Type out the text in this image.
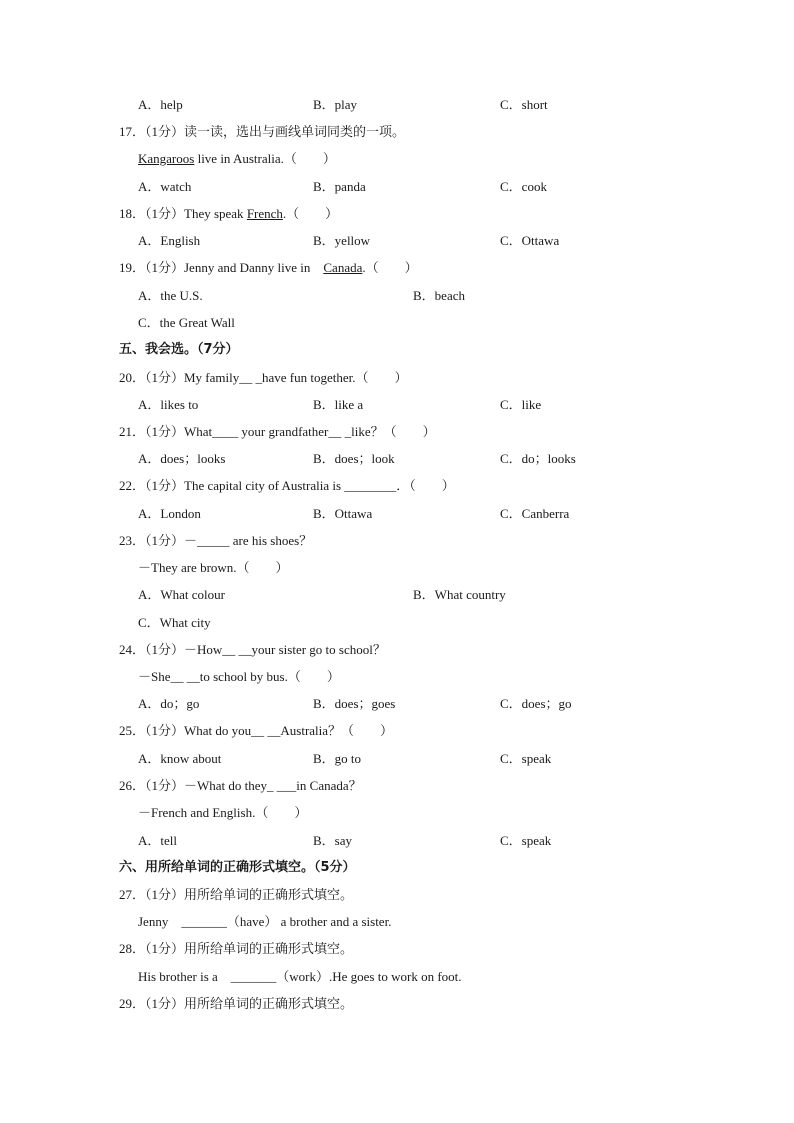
A．help	B．play	C．short
17．（1分）读一读，选出与画线单词同类的一项。
Kangaroos live in Australia.（　　）
A．watch	B．panda	C．cook
18．（1分）They speak French.（　　）
A．English	B．yellow	C．Ottawa
19．（1分）Jenny and Danny live in　Canada.（　　）
A．the U.S.	B．beach
C．the Great Wall
五、我会选。（7分）
20．（1分）My family__ _have fun together.（　　）
A．likes to	B．like a	C．like
21．（1分）What____ your grandfather__ _like？（　　）
A．does；looks	B．does；look	C．do；looks
22．（1分）The capital city of Australia is ________．（　　）
A．London	B．Ottawa	C．Canberra
23．（1分）－_____ are his shoes？
－They are brown.（　　）
A．What colour	B．What country
C．What city
24．（1分）－How__ __your sister go to school？
－She__ __to school by bus.（　　）
A．do；go	B．does；goes	C．does；go
25．（1分）What do you__ __Australia？（　　）
A．know about	B．go to	C．speak
26．（1分）－What do they_ ___in Canada？
－French and English.（　　）
A．tell	B．say	C．speak
六、用所给单词的正确形式填空。（5分）
27．（1分）用所给单词的正确形式填空。
Jenny　_______（have） a brother and a sister.
28．（1分）用所给单词的正确形式填空。
His brother is a　_______（work）.He goes to work on foot.
29．（1分）用所给单词的正确形式填空。
